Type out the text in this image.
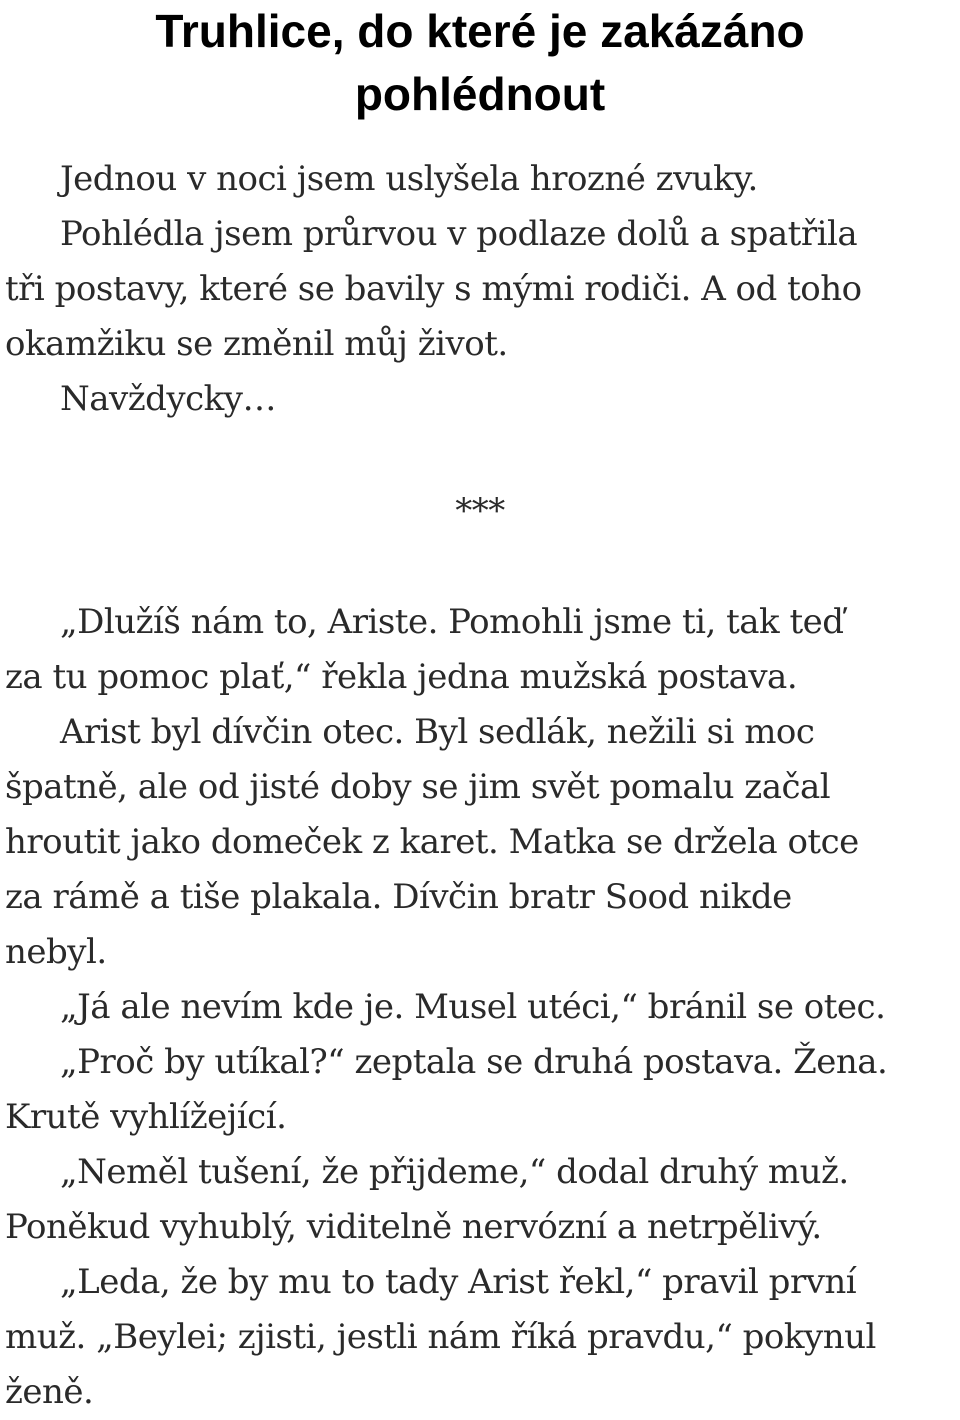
Truhlice, do které je zakázáno
pohlédnout
Jednou v noci jsem uslyšela hrozné zvuky.
Pohlédla jsem průrvou v podlaze dolů a spatřila
tři postavy, které se bavily s mými rodiči. A od toho
okamžiku se změnil můj život.
Navždycky…
***
„Dlužíš nám to, Ariste. Pomohli jsme ti, tak teď
za tu pomoc plať,“ řekla jedna mužská postava.
Arist byl dívčin otec. Byl sedlák, nežili si moc
špatně, ale od jisté doby se jim svět pomalu začal
hroutit jako domeček z karet. Matka se držela otce
za rámě a tiše plakala. Dívčin bratr Sood nikde
nebyl.
„Já ale nevím kde je. Musel utéci,“ bránil se otec.
„Proč by utíkal?“ zeptala se druhá postava. Žena.
Krutě vyhlížející.
„Neměl tušení, že přijdeme,“ dodal druhý muž.
Poněkud vyhublý, viditelně nervózní a netrpělivý.
„Leda, že by mu to tady Arist řekl,“ pravil první
muž. „Beylei; zjisti, jestli nám říká pravdu,“ pokynul
ženě.
